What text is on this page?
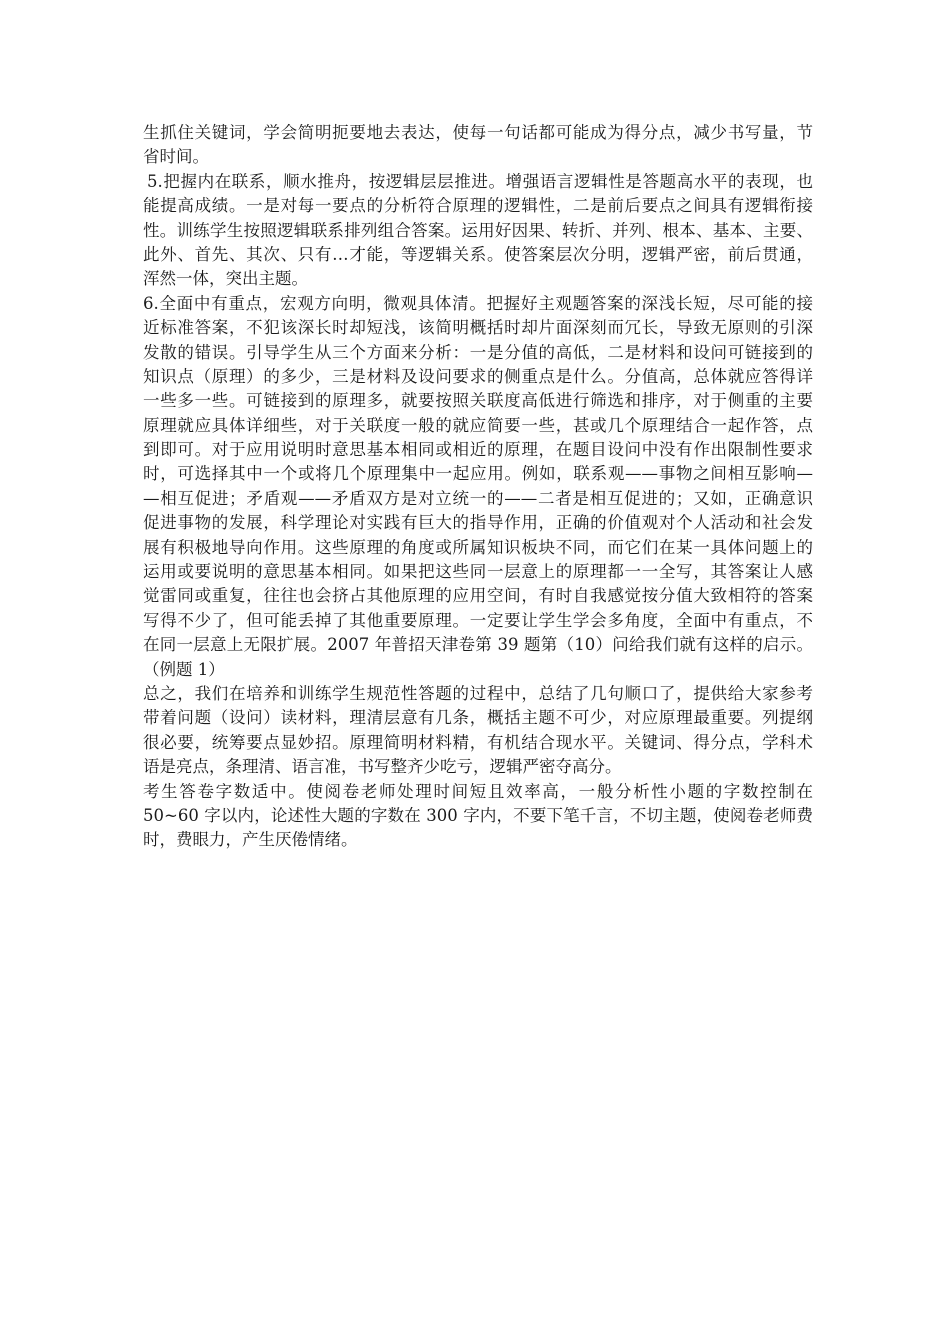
生抓住关键词，学会简明扼要地去表达，使每一句话都可能成为得分点，减少书写量，节
省时间。
5.把握内在联系，顺水推舟，按逻辑层层推进。增强语言逻辑性是答题高水平的表现，也
能提高成绩。一是对每一要点的分析符合原理的逻辑性，二是前后要点之间具有逻辑衔接
性。训练学生按照逻辑联系排列组合答案。运用好因果、转折、并列、根本、基本、主要、
此外、首先、其次、只有…才能，等逻辑关系。使答案层次分明，逻辑严密，前后贯通，
浑然一体，突出主题。
6.全面中有重点，宏观方向明，微观具体清。把握好主观题答案的深浅长短，尽可能的接
近标准答案，不犯该深长时却短浅，该简明概括时却片面深刻而冗长，导致无原则的引深
发散的错误。引导学生从三个方面来分析：一是分值的高低，二是材料和设问可链接到的
知识点（原理）的多少，三是材料及设问要求的侧重点是什么。分值高，总体就应答得详
一些多一些。可链接到的原理多，就要按照关联度高低进行筛选和排序，对于侧重的主要
原理就应具体详细些，对于关联度一般的就应简要一些，甚或几个原理结合一起作答，点
到即可。对于应用说明时意思基本相同或相近的原理，在题目设问中没有作出限制性要求
时，可选择其中一个或将几个原理集中一起应用。例如，联系观——事物之间相互影响—
—相互促进；矛盾观——矛盾双方是对立统一的——二者是相互促进的；又如，正确意识
促进事物的发展，科学理论对实践有巨大的指导作用，正确的价值观对个人活动和社会发
展有积极地导向作用。这些原理的角度或所属知识板块不同，而它们在某一具体问题上的
运用或要说明的意思基本相同。如果把这些同一层意上的原理都一一全写，其答案让人感
觉雷同或重复，往往也会挤占其他原理的应用空间，有时自我感觉按分值大致相符的答案
写得不少了，但可能丢掉了其他重要原理。一定要让学生学会多角度，全面中有重点，不
在同一层意上无限扩展。2007 年普招天津卷第 39 题第（10）问给我们就有这样的启示。
（例题 1）
总之，我们在培养和训练学生规范性答题的过程中，总结了几句顺口了，提供给大家参考
带着问题（设问）读材料，理清层意有几条，概括主题不可少，对应原理最重要。列提纲
很必要，统筹要点显妙招。原理简明材料精，有机结合现水平。关键词、得分点，学科术
语是亮点，条理清、语言准，书写整齐少吃亏，逻辑严密夺高分。
考生答卷字数适中。使阅卷老师处理时间短且效率高，一般分析性小题的字数控制在
50~60 字以内，论述性大题的字数在 300 字内，不要下笔千言，不切主题，使阅卷老师费
时，费眼力，产生厌倦情绪。
